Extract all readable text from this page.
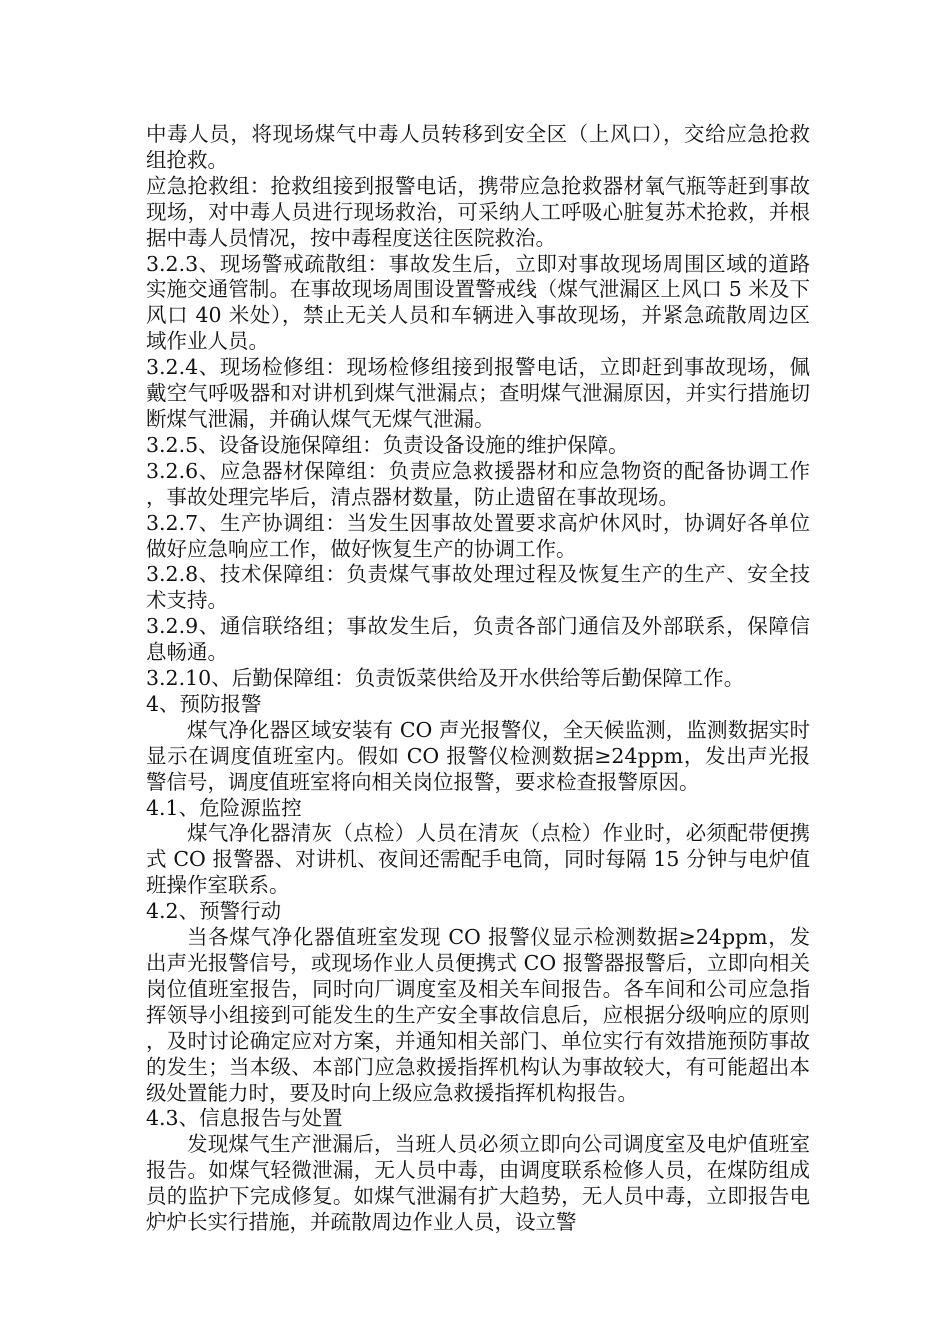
中毒人员，将现场煤气中毒人员转移到安全区（上风口），交给应急抢救组抢救。

应急抢救组：抢救组接到报警电话，携带应急抢救器材氧气瓶等赶到事故现场，对中毒人员进行现场救治，可采纳人工呼吸心脏复苏术抢救，并根据中毒人员情况，按中毒程度送往医院救治。

3.2.3、现场警戒疏散组：事故发生后，立即对事故现场周围区域的道路实施交通管制。在事故现场周围设置警戒线（煤气泄漏区上风口 5 米及下风口 40 米处），禁止无关人员和车辆进入事故现场，并紧急疏散周边区域作业人员。

3.2.4、现场检修组：现场检修组接到报警电话，立即赶到事故现场，佩戴空气呼吸器和对讲机到煤气泄漏点；查明煤气泄漏原因，并实行措施切断煤气泄漏，并确认煤气无煤气泄漏。

3.2.5、设备设施保障组：负责设备设施的维护保障。

3.2.6、应急器材保障组：负责应急救援器材和应急物资的配备协调工作，事故处理完毕后，清点器材数量，防止遗留在事故现场。

3.2.7、生产协调组：当发生因事故处置要求高炉休风时，协调好各单位做好应急响应工作，做好恢复生产的协调工作。

3.2.8、技术保障组：负责煤气事故处理过程及恢复生产的生产、安全技术支持。

3.2.9、通信联络组；事故发生后，负责各部门通信及外部联系，保障信息畅通。

3.2.10、后勤保障组：负责饭菜供给及开水供给等后勤保障工作。

4、预防报警

煤气净化器区域安装有 CO 声光报警仪，全天候监测，监测数据实时显示在调度值班室内。假如 CO 报警仪检测数据≥24ppm，发出声光报警信号，调度值班室将向相关岗位报警，要求检查报警原因。

4.1、危险源监控

煤气净化器清灰（点检）人员在清灰（点检）作业时，必须配带便携式 CO 报警器、对讲机、夜间还需配手电筒，同时每隔 15 分钟与电炉值班操作室联系。

4.2、预警行动

当各煤气净化器值班室发现 CO 报警仪显示检测数据≥24ppm，发出声光报警信号，或现场作业人员便携式 CO 报警器报警后，立即向相关岗位值班室报告，同时向厂调度室及相关车间报告。各车间和公司应急指挥领导小组接到可能发生的生产安全事故信息后，应根据分级响应的原则，及时讨论确定应对方案，并通知相关部门、单位实行有效措施预防事故的发生；当本级、本部门应急救援指挥机构认为事故较大，有可能超出本级处置能力时，要及时向上级应急救援指挥机构报告。

4.3、信息报告与处置

发现煤气生产泄漏后，当班人员必须立即向公司调度室及电炉值班室报告。如煤气轻微泄漏，无人员中毒，由调度联系检修人员，在煤防组成员的监护下完成修复。如煤气泄漏有扩大趋势，无人员中毒，立即报告电炉炉长实行措施，并疏散周边作业人员，设立警
